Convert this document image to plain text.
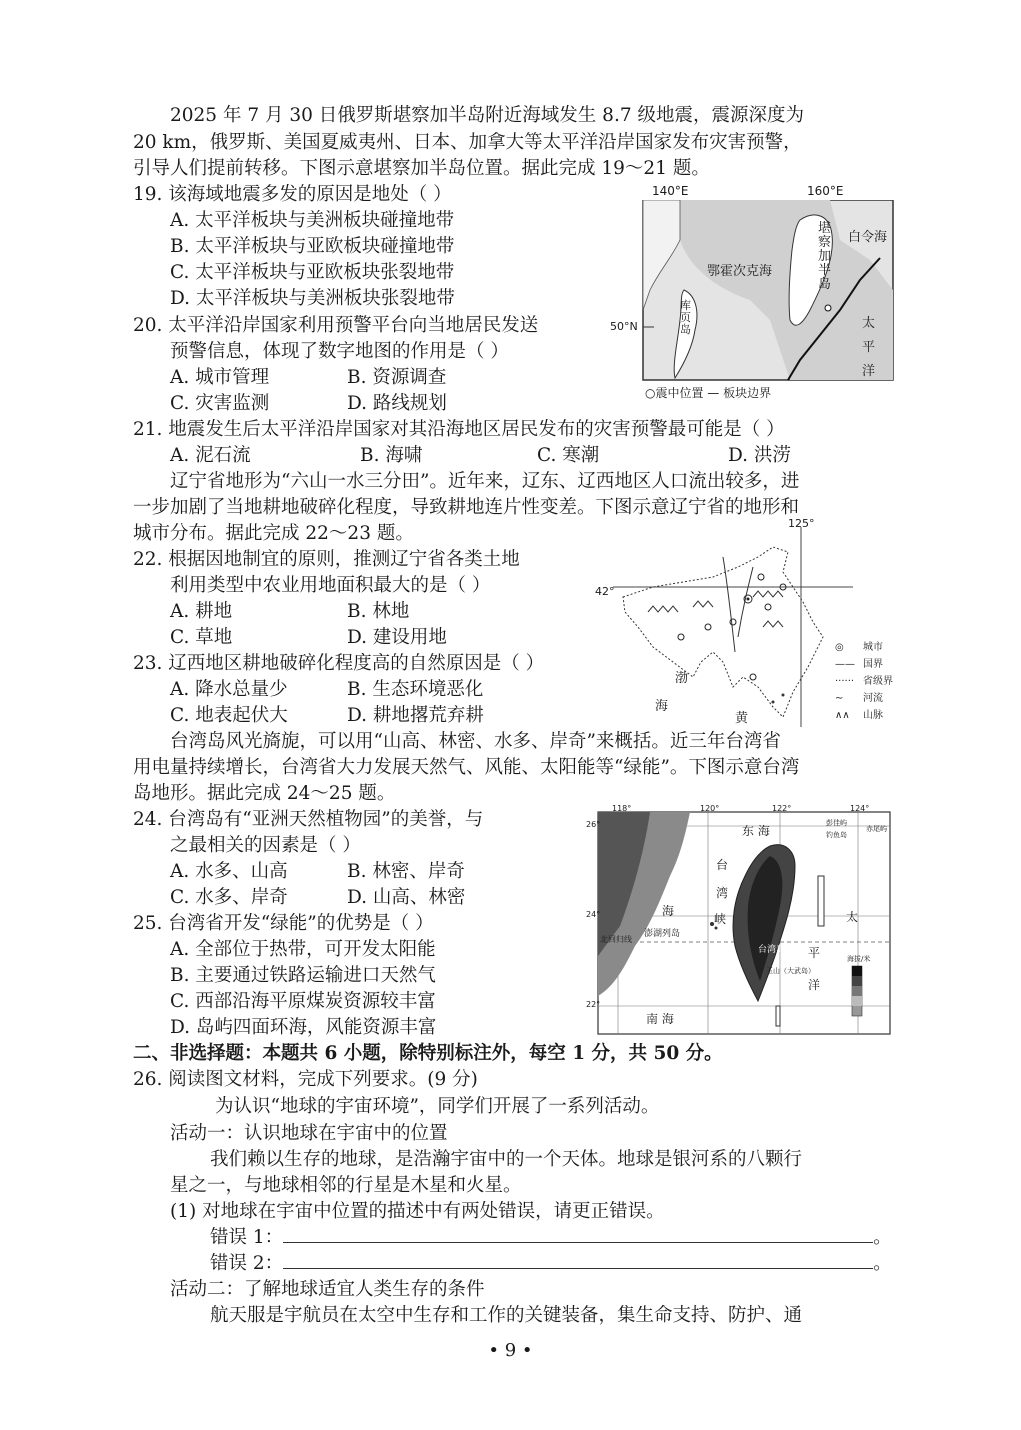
2025 年 7 月 30 日俄罗斯堪察加半岛附近海域发生 8.7 级地震，震源深度为
20 km，俄罗斯、美国夏威夷州、日本、加拿大等太平洋沿岸国家发布灾害预警，
引导人们提前转移。下图示意堪察加半岛位置。据此完成 19～21 题。
19. 该海域地震多发的原因是地处（ ）
A. 太平洋板块与美洲板块碰撞地带
B. 太平洋板块与亚欧板块碰撞地带
C. 太平洋板块与亚欧板块张裂地带
D. 太平洋板块与美洲板块张裂地带
20. 太平洋沿岸国家利用预警平台向当地居民发送
预警信息，体现了数字地图的作用是（ ）
A. 城市管理	B. 资源调查
C. 灾害监测	D. 路线规划
140°E	160°E
50°N
堪
察
加
半
岛
鄂霍次克海
白令海
库
页
岛	太
平
洋
○震中位置 — 板块边界
21. 地震发生后太平洋沿岸国家对其沿海地区居民发布的灾害预警最可能是（ ）
A. 泥石流	B. 海啸	C. 寒潮	D. 洪涝
辽宁省地形为“六山一水三分田”。近年来，辽东、辽西地区人口流出较多，进
一步加剧了当地耕地破碎化程度，导致耕地连片性变差。下图示意辽宁省的地形和
城市分布。据此完成 22～23 题。
22. 根据因地制宜的原则，推测辽宁省各类土地
利用类型中农业用地面积最大的是（ ）
A. 耕地	B. 林地
C. 草地	D. 建设用地
23. 辽西地区耕地破碎化程度高的自然原因是（ ）
A. 降水总量少	B. 生态环境恶化
C. 地表起伏大	D. 耕地撂荒弃耕
125°
42°
渤
海
黄
◎ 城市
—— 国界
······ 省级界
∼ 河流
∧∧ 山脉
台湾岛风光旖旎，可以用“山高、林密、水多、岸奇”来概括。近三年台湾省
用电量持续增长，台湾省大力发展天然气、风能、太阳能等“绿能”。下图示意台湾
岛地形。据此完成 24～25 题。
24. 台湾岛有“亚洲天然植物园”的美誉，与
之最相关的因素是（ ）
A. 水多、山高	B. 林密、岸奇
C. 水多、岸奇	D. 山高、林密
25. 台湾省开发“绿能”的优势是（ ）
A. 全部位于热带，可开发太阳能
B. 主要通过铁路运输进口天然气
C. 西部沿海平原煤炭资源较丰富
D. 岛屿四面环海，风能资源丰富
118°	120°	122°	124°
26°
24°
22°
东 海
彭佳屿
钓鱼岛
赤尾屿
台
湾
海
峡
澎湖列岛
北回归线
台湾岛
玉山（大武岛）
太
平
洋
南 海
海拔/米
二、非选择题：本题共 6 小题，除特别标注外，每空 1 分，共 50 分。
26. 阅读图文材料，完成下列要求。(9 分)
为认识“地球的宇宙环境”，同学们开展了一系列活动。
活动一：认识地球在宇宙中的位置
我们赖以生存的地球，是浩瀚宇宙中的一个天体。地球是银河系的八颗行
星之一，与地球相邻的行星是木星和火星。
(1) 对地球在宇宙中位置的描述中有两处错误，请更正错误。
错误 1：	。
错误 2：	。
活动二：了解地球适宜人类生存的条件
航天服是宇航员在太空中生存和工作的关键装备，集生命支持、防护、通
• 9 •
